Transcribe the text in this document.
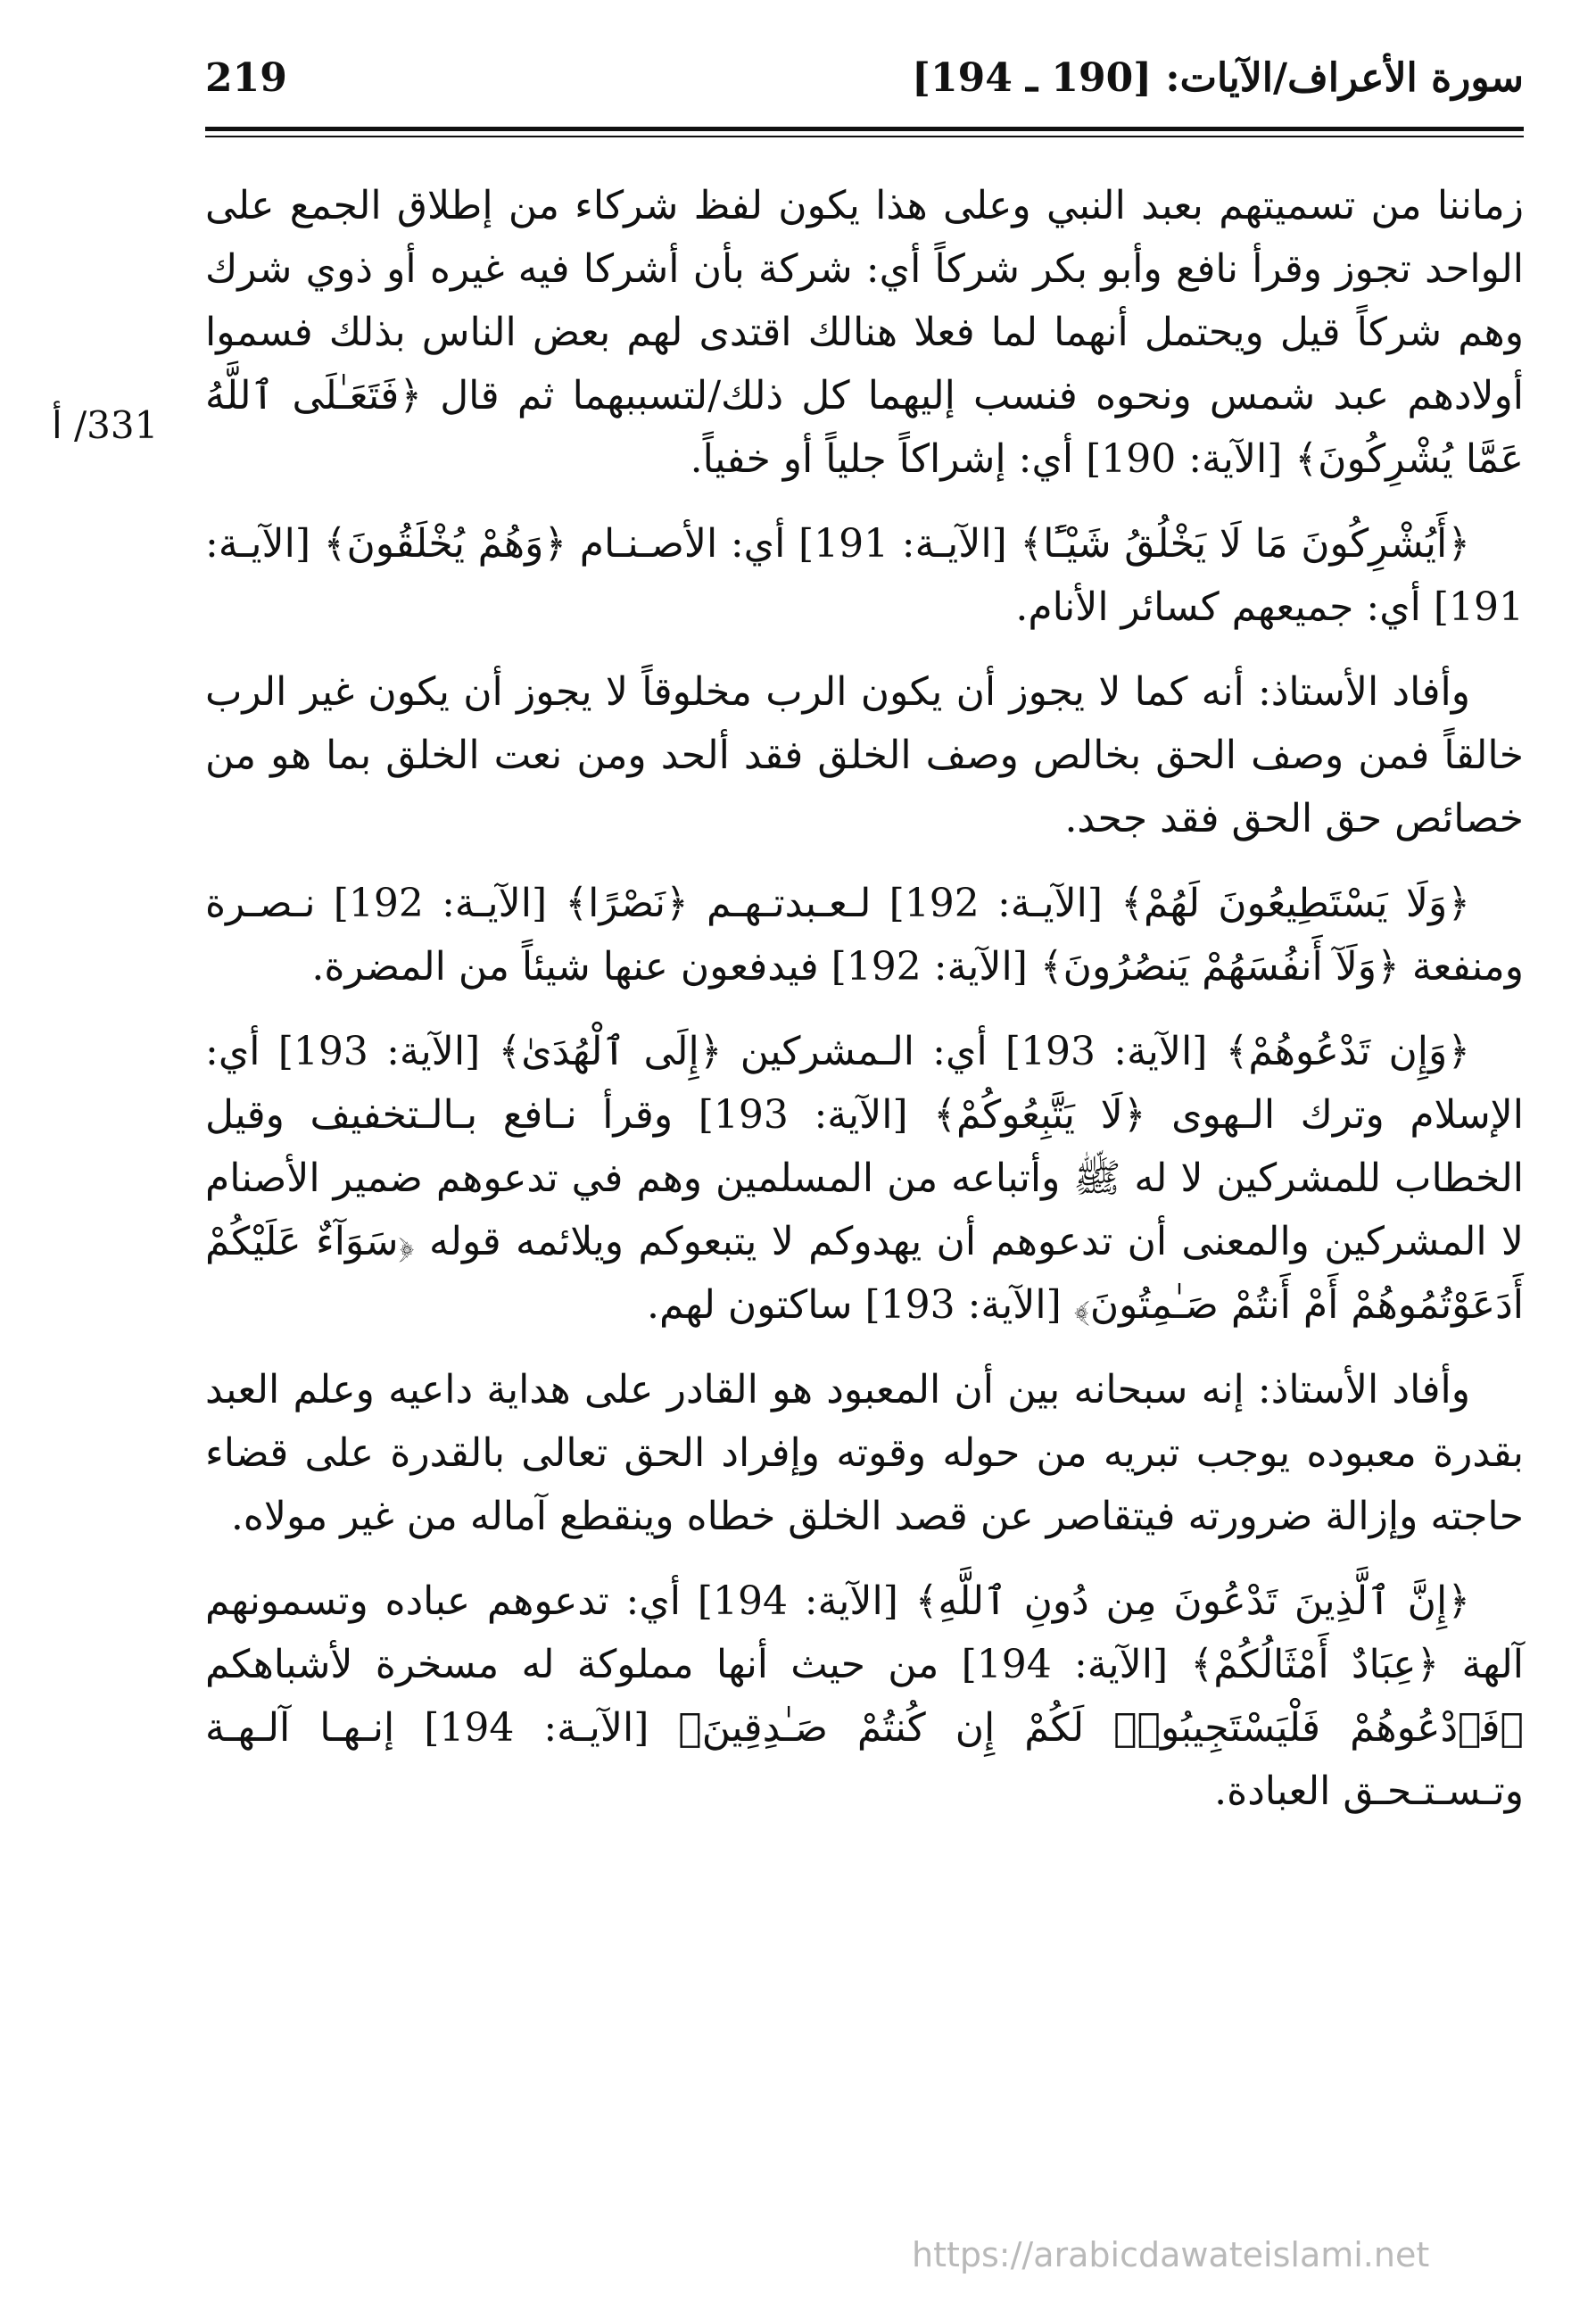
سورة الأعراف/الآيات: [190 ـ 194]
219
331/ أ

زماننا من تسميتهم بعبد النبي وعلى هذا يكون لفظ شركاء من إطلاق الجمع على الواحد تجوز وقرأ نافع وأبو بكر شركاً أي: شركة بأن أشركا فيه غيره أو ذوي شرك وهم شركاً قيل ويحتمل أنهما لما فعلا هنالك اقتدى لهم بعض الناس بذلك فسموا أولادهم عبد شمس ونحوه فنسب إليهما كل ذلك/لتسببهما ثم قال ﴿فَتَعَـٰلَى ٱللَّهُ عَمَّا يُشْرِكُونَ﴾ [الآية: 190] أي: إشراكاً جلياً أو خفياً.

﴿أَيُشْرِكُونَ مَا لَا يَخْلُقُ شَيْـًٔا﴾ [الآيـة: 191] أي: الأصـنـام ﴿وَهُمْ يُخْلَقُونَ﴾ [الآيـة: 191] أي: جميعهم كسائر الأنام.

وأفاد الأستاذ: أنه كما لا يجوز أن يكون الرب مخلوقاً لا يجوز أن يكون غير الرب خالقاً فمن وصف الحق بخالص وصف الخلق فقد ألحد ومن نعت الخلق بما هو من خصائص حق الحق فقد جحد.

﴿وَلَا يَسْتَطِيعُونَ لَهُمْ﴾ [الآيـة: 192] لـعـبدتـهـم ﴿نَصْرًا﴾ [الآيـة: 192] نـصـرة ومنفعة ﴿وَلَآ أَنفُسَهُمْ يَنصُرُونَ﴾ [الآية: 192] فيدفعون عنها شيئاً من المضرة.

﴿وَإِن تَدْعُوهُمْ﴾ [الآية: 193] أي: الـمشركين ﴿إِلَى ٱلْهُدَىٰ﴾ [الآية: 193] أي: الإسلام وترك الـهوى ﴿لَا يَتَّبِعُوكُمْ﴾ [الآية: 193] وقرأ نـافع بـالـتخفيف وقيل الخطاب للمشركين لا له ﷺ وأتباعه من المسلمين وهم في تدعوهم ضمير الأصنام لا المشركين والمعنى أن تدعوهم أن يهدوكم لا يتبعوكم ويلائمه قوله ﴿سَوَآءٌ عَلَيْكُمْ أَدَعَوْتُمُوهُمْ أَمْ أَنتُمْ صَـٰمِتُونَ﴾ [الآية: 193] ساكتون لهم.

وأفاد الأستاذ: إنه سبحانه بين أن المعبود هو القادر على هداية داعيه وعلم العبد بقدرة معبوده يوجب تبريه من حوله وقوته وإفراد الحق تعالى بالقدرة على قضاء حاجته وإزالة ضرورته فيتقاصر عن قصد الخلق خطاه وينقطع آماله من غير مولاه.

﴿إِنَّ ٱلَّذِينَ تَدْعُونَ مِن دُونِ ٱللَّهِ﴾ [الآية: 194] أي: تدعوهم عباده وتسمونهم آلهة ﴿عِبَادٌ أَمْثَالُكُمْ﴾ [الآية: 194] من حيث أنها مملوكة له مسخرة لأشباهكم ﴿فَٱدْعُوهُمْ فَلْيَسْتَجِيبُوا۟ لَكُمْ إِن كُنتُمْ صَـٰدِقِينَ﴾ [الآيـة: 194] إنـهـا آلـهـة وتـسـتـحـق العبادة.

https://arabicdawateislami.net
